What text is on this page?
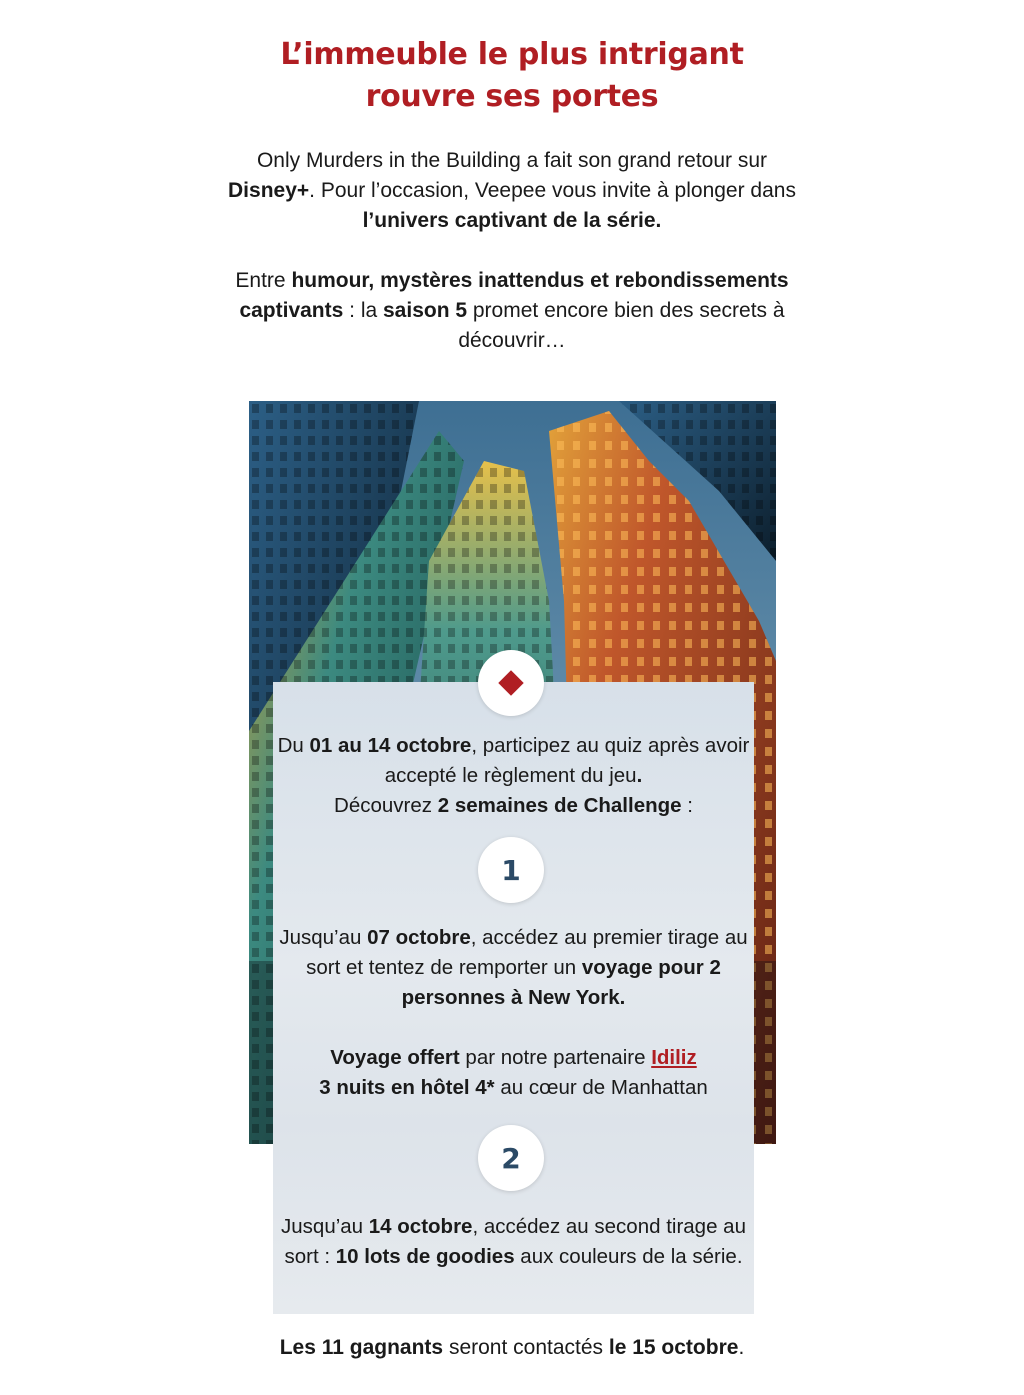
L’immeuble le plus intrigant
rouvre ses portes

Only Murders in the Building a fait son grand retour sur Disney+. Pour l’occasion, Veepee vous invite à plonger dans l’univers captivant de la série.

Entre humour, mystères inattendus et rebondissements captivants : la saison 5 promet encore bien des secrets à découvrir…

Du 01 au 14 octobre, participez au quiz après avoir accepté le règlement du jeu.
Découvrez 2 semaines de Challenge :

1

Jusqu’au 07 octobre, accédez au premier tirage au sort et tentez de remporter un voyage pour 2 personnes à New York.

Voyage offert par notre partenaire Idiliz
3 nuits en hôtel 4* au cœur de Manhattan

2

Jusqu’au 14 octobre, accédez au second tirage au sort : 10 lots de goodies aux couleurs de la série.

Les 11 gagnants seront contactés le 15 octobre.
